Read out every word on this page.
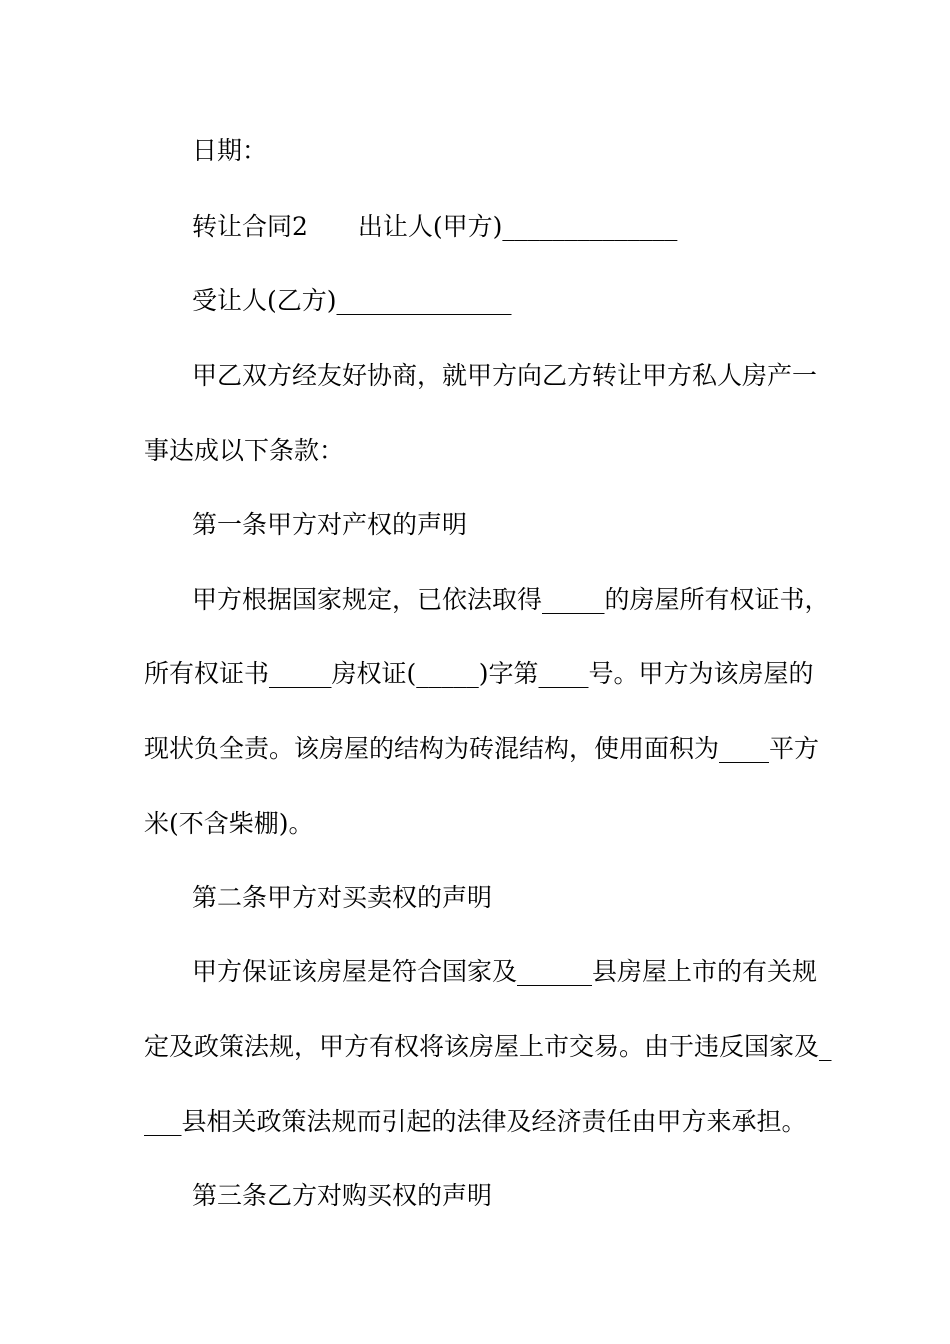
日期：
转让合同2　　出让人(甲方)______________
受让人(乙方)______________
甲乙双方经友好协商，就甲方向乙方转让甲方私人房产一
事达成以下条款：
第一条甲方对产权的声明
甲方根据国家规定，已依法取得_____的房屋所有权证书，
所有权证书_____房权证(_____)字第____号。甲方为该房屋的
现状负全责。该房屋的结构为砖混结构，使用面积为____平方
米(不含柴棚)。
第二条甲方对买卖权的声明
甲方保证该房屋是符合国家及______县房屋上市的有关规
定及政策法规，甲方有权将该房屋上市交易。由于违反国家及_
___县相关政策法规而引起的法律及经济责任由甲方来承担。
第三条乙方对购买权的声明
